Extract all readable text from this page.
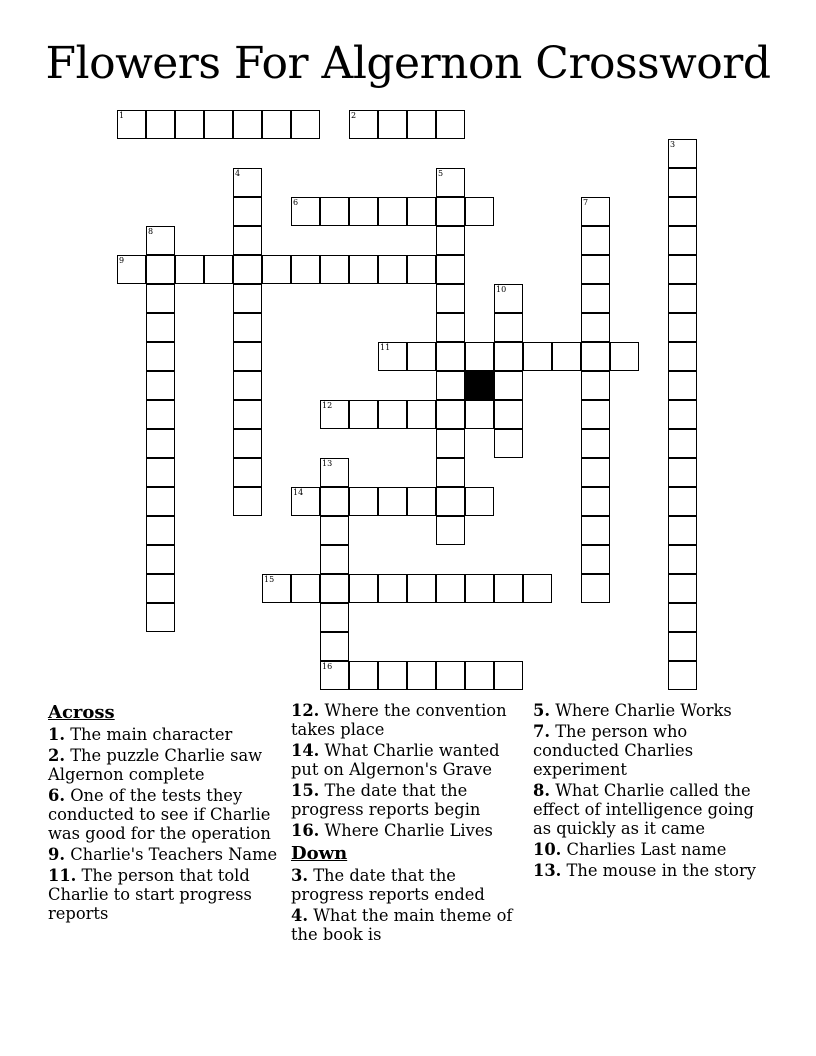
Flowers For Algernon Crossword
1	2
3
4	5
6	7
8
9
10
11
12
13
16
14
15
Across
1. The main character
2. The puzzle Charlie saw Algernon complete
6. One of the tests they conducted to see if Charlie was good for the operation
9. Charlie's Teachers Name
11. The person that told Charlie to start progress reports
12. Where the convention takes place
14. What Charlie wanted put on Algernon's Grave
15. The date that the progress reports begin
16. Where Charlie Lives
Down
3. The date that the progress reports ended
4. What the main theme of the book is
5. Where Charlie Works
7. The person who conducted Charlies experiment
8. What Charlie called the effect of intelligence going as quickly as it came
10. Charlies Last name
13. The mouse in the story
